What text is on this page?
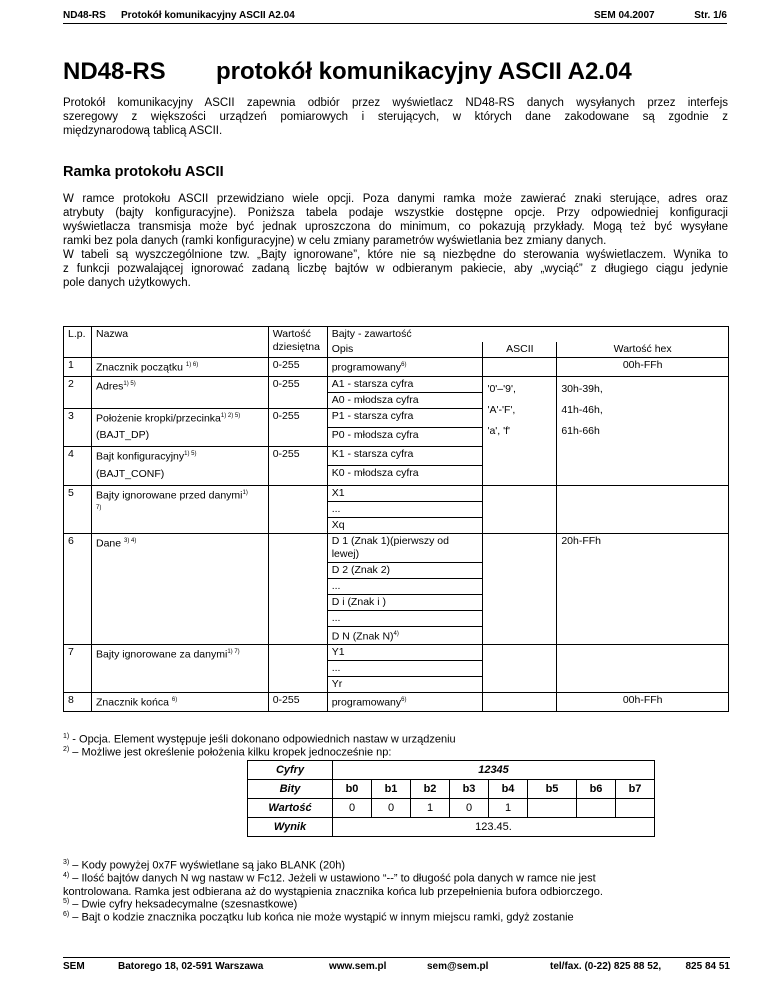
ND48-RS Protokół komunikacyjny ASCII A2.04	SEM 04.2007	Str. 1/6
ND48-RS protokół komunikacyjny ASCII A2.04

Protokół komunikacyjny ASCII zapewnia odbiór przez wyświetlacz ND48-RS danych wysyłanych przez interfejs
szeregowy z większości urządzeń pomiarowych i sterujących, w których dane zakodowane są zgodnie z
międzynarodową tablicą ASCII.

Ramka protokołu ASCII

W ramce protokołu ASCII przewidziano wiele opcji. Poza danymi ramka może zawierać znaki sterujące, adres oraz
atrybuty (bajty konfiguracyjne). Poniższa tabela podaje wszystkie dostępne opcje. Przy odpowiedniej konfiguracji
wyświetlacza transmisja może być jednak uproszczona do minimum, co pokazują przykłady. Mogą też być wysyłane
ramki bez pola danych (ramki konfiguracyjne) w celu zmiany parametrów wyświetlania bez zmiany danych.
W tabeli są wyszczególnione tzw. „Bajty ignorowane”, które nie są niezbędne do sterowania wyświetlaczem. Wynika to
z funkcji pozwalającej ignorować zadaną liczbę bajtów w odbieranym pakiecie, aby „wyciąć” z długiego ciągu jedynie
pole danych użytkowych.

L.p.	Nazwa	Wartość dziesiętna	Bajty - zawartość		
			Opis	ASCII	Wartość hex
1	Znacznik początku $^{1) 6)}$	0-255	programowany$^{6)}$		00h-FFh
2	Adres$^{1) 5)}$	0-255	A1 - starsza cyfra	'0'–'9',
'A'-'F',
'a', 'f'	30h-39h,
41h-46h,
61h-66h
			A0 - młodsza cyfra		
3	Położenie kropki/przecinka$^{1) 2) 5)}$
(BAJT_DP)	0-255	P1 - starsza cyfra		
			P0 - młodsza cyfra		
4	Bajt konfiguracyjny$^{1) 5)}$
(BAJT_CONF)	0-255	K1 - starsza cyfra		
			K0 - młodsza cyfra		
5	Bajty ignorowane przed danymi$^{1)}$
$^{7)}$		X1		
			...		
			Xq		
6	Dane $^{3) 4)}$		D 1 (Znak 1)(pierwszy od lewej)		20h-FFh
			D 2 (Znak 2)		
			...		
			D i (Znak i )		
			...		
			D N (Znak N)$^{4)}$
7	Bajty ignorowane za danymi$^{1) 7)}$		Y1		
			...		
			Yr		
8	Znacznik końca $^{6)}$	0-255	programowany$^{6)}$		00h-FFh
$^{1)}$ - Opcja. Element występuje jeśli dokonano odpowiednich nastaw w urządzeniu
$^{2)}$ – Możliwe jest określenie położenia kilku kropek jednocześnie np:
Cyfry	12345							
Bity	b0	b1	b2	b3	b4	b5	b6	b7
Wartość	0	0	1	0	1			
Wynik	123.45.							
$^{3)}$ – Kody powyżej 0x7F wyświetlane są jako BLANK (20h)
$^{4)}$ – Ilość bajtów danych N wg nastaw w Fc12. Jeżeli w ustawiono “--” to długość pola danych w ramce nie jest
kontrolowana. Ramka jest odbierana aż do wystąpienia znacznika końca lub przepełnienia bufora odbiorczego.
$^{5)}$ – Dwie cyfry heksadecymalne (szesnastkowe)
$^{6)}$ – Bajt o kodzie znacznika początku lub końca nie może wystąpić w innym miejscu ramki, gdyż zostanie
SEM	Batorego 18, 02-591 Warszawa	www.sem.pl	sem@sem.pl	tel/fax. (0-22) 825 88 52, 825 84 51
